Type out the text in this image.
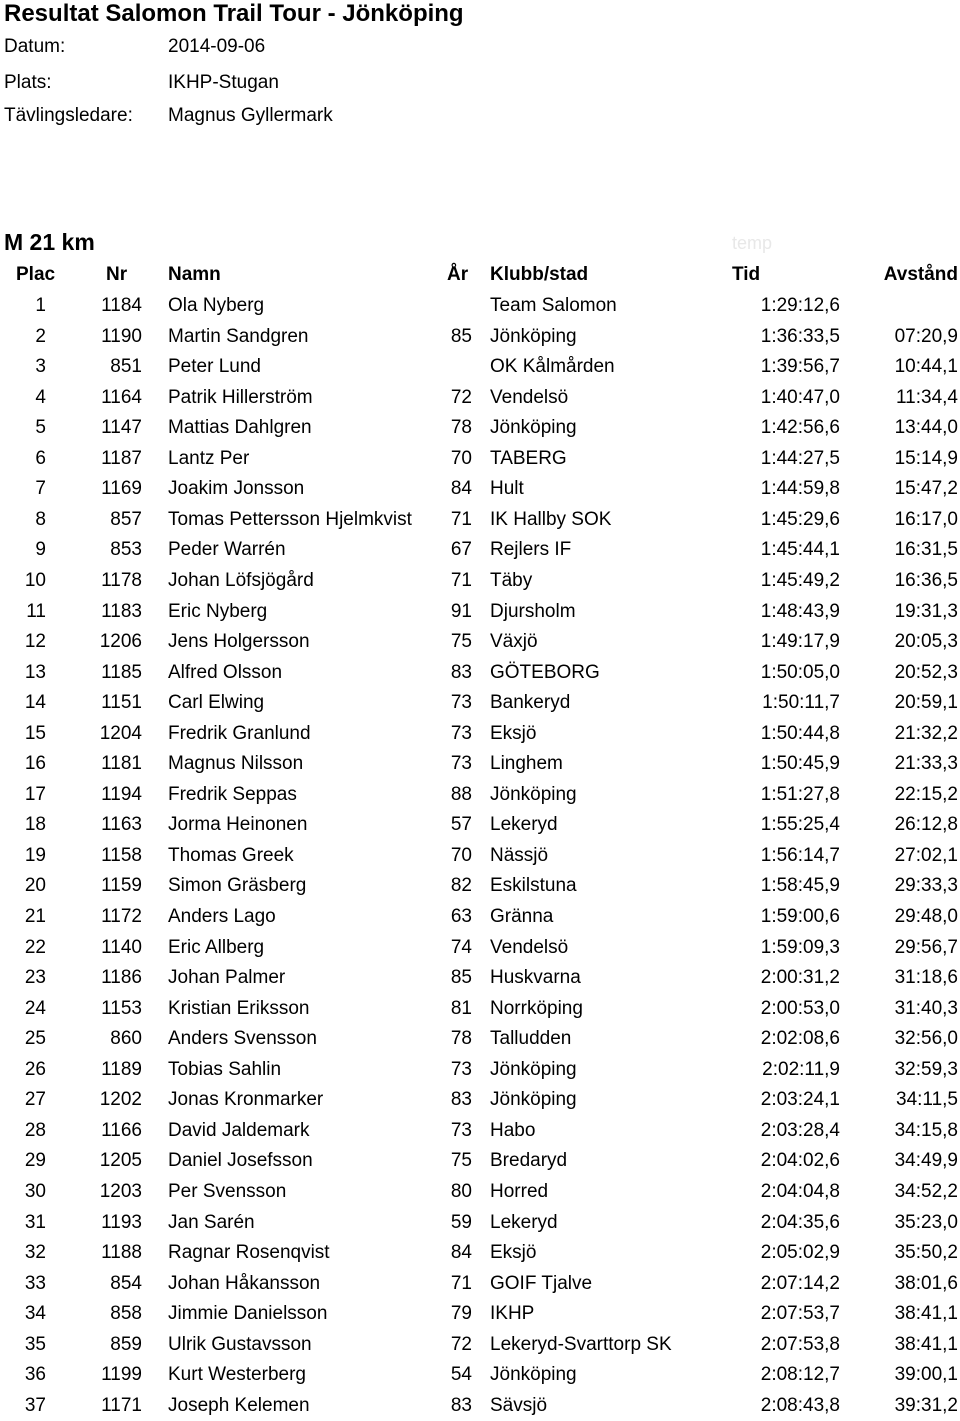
Resultat Salomon Trail Tour - Jönköping
Datum:	2014-09-06
Plats:	IKHP-Stugan
Tävlingsledare: Magnus Gyllermark
M 21 km	temp
Plac	Nr	Namn	År	Klubb/stad	Tid	Avstånd
1	1184 Ola Nyberg	Team Salomon	1:29:12,6
2	1190 Martin Sandgren	85 Jönköping	1:36:33,5	07:20,9
3	851 Peter Lund	OK Kålmården	1:39:56,7	10:44,1
4	1164 Patrik Hillerström	72 Vendelsö	1:40:47,0	11:34,4
5	1147 Mattias Dahlgren	78 Jönköping	1:42:56,6	13:44,0
6	1187 Lantz Per	70 TABERG	1:44:27,5	15:14,9
7	1169 Joakim Jonsson	84 Hult	1:44:59,8	15:47,2
8	857 Tomas Pettersson Hjelmkvist	71 IK Hallby SOK	1:45:29,6	16:17,0
9	853 Peder Warrén	67 Rejlers IF	1:45:44,1	16:31,5
10	1178 Johan Löfsjögård	71 Täby	1:45:49,2	16:36,5
11	1183 Eric Nyberg	91 Djursholm	1:48:43,9	19:31,3
12	1206 Jens Holgersson	75 Växjö	1:49:17,9	20:05,3
13	1185 Alfred Olsson	83 GÖTEBORG	1:50:05,0	20:52,3
14	1151 Carl Elwing	73 Bankeryd	1:50:11,7	20:59,1
15	1204 Fredrik Granlund	73 Eksjö	1:50:44,8	21:32,2
16	1181 Magnus Nilsson	73 Linghem	1:50:45,9	21:33,3
17	1194 Fredrik Seppas	88 Jönköping	1:51:27,8	22:15,2
18	1163 Jorma Heinonen	57 Lekeryd	1:55:25,4	26:12,8
19	1158 Thomas Greek	70 Nässjö	1:56:14,7	27:02,1
20	1159 Simon Gräsberg	82 Eskilstuna	1:58:45,9	29:33,3
21	1172 Anders Lago	63 Gränna	1:59:00,6	29:48,0
22	1140 Eric Allberg	74 Vendelsö	1:59:09,3	29:56,7
23	1186 Johan Palmer	85 Huskvarna	2:00:31,2	31:18,6
24	1153 Kristian Eriksson	81 Norrköping	2:00:53,0	31:40,3
25	860 Anders Svensson	78 Talludden	2:02:08,6	32:56,0
26	1189 Tobias Sahlin	73 Jönköping	2:02:11,9	32:59,3
27	1202 Jonas Kronmarker	83 Jönköping	2:03:24,1	34:11,5
28	1166 David Jaldemark	73 Habo	2:03:28,4	34:15,8
29	1205 Daniel Josefsson	75 Bredaryd	2:04:02,6	34:49,9
30	1203 Per Svensson	80 Horred	2:04:04,8	34:52,2
31	1193 Jan Sarén	59 Lekeryd	2:04:35,6	35:23,0
32	1188 Ragnar Rosenqvist	84 Eksjö	2:05:02,9	35:50,2
33	854 Johan Håkansson	71 GOIF Tjalve	2:07:14,2	38:01,6
34	858 Jimmie Danielsson	79 IKHP	2:07:53,7	38:41,1
35	859 Ulrik Gustavsson	72 Lekeryd-Svarttorp SK	2:07:53,8	38:41,1
36	1199 Kurt Westerberg	54 Jönköping	2:08:12,7	39:00,1
37	1171 Joseph Kelemen	83 Sävsjö	2:08:43,8	39:31,2
